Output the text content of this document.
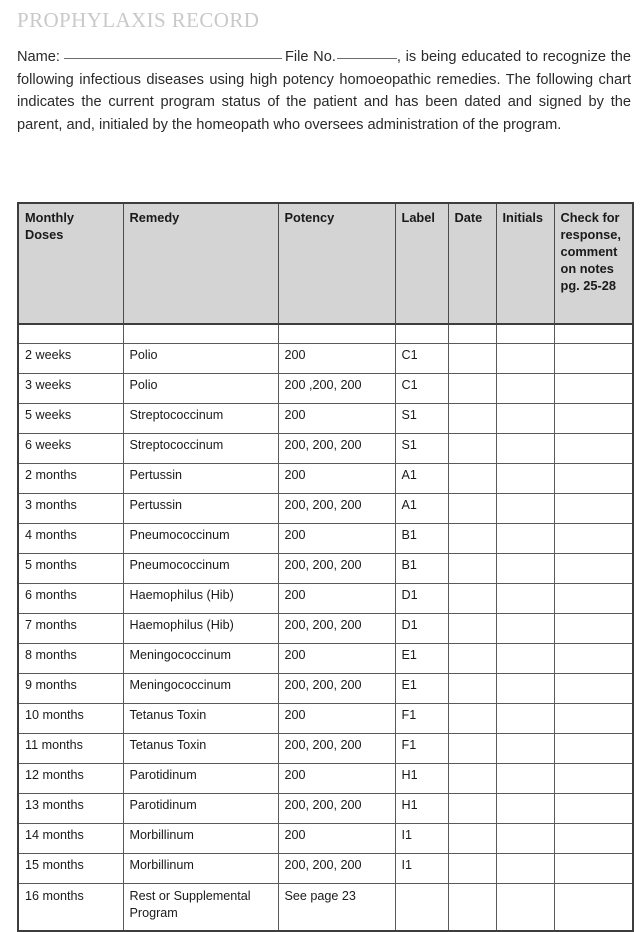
PROPHYLAXIS RECORD
Name:	File No.	, is being educated to recognize the following infectious diseases using high potency homoeopathic remedies. The following chart indicates the current program status of the patient and has been dated and signed by the parent, and, initialed by the homeopath who oversees administration of the program.
Monthly
Doses	Remedy	Potency	Label	Date	Initials	Check for
response,
comment
on notes
pg. 25-28

2 weeks	Polio	200	C1			
3 weeks	Polio	200 ,200, 200	C1			
5 weeks	Streptococcinum	200	S1			
6 weeks	Streptococcinum	200, 200, 200	S1			
2 months	Pertussin	200	A1			
3 months	Pertussin	200, 200, 200	A1			
4 months	Pneumococcinum	200	B1			
5 months	Pneumococcinum	200, 200, 200	B1			
6 months	Haemophilus (Hib)	200	D1			
7 months	Haemophilus (Hib)	200, 200, 200	D1			
8 months	Meningococcinum	200	E1			
9 months	Meningococcinum	200, 200, 200	E1			
10 months	Tetanus Toxin	200	F1			
11 months	Tetanus Toxin	200, 200, 200	F1			
12 months	Parotidinum	200	H1			
13 months	Parotidinum	200, 200, 200	H1			
14 months	Morbillinum	200	I1			
15 months	Morbillinum	200, 200, 200	I1			
16 months	Rest or Supplemental Program	See page 23				
